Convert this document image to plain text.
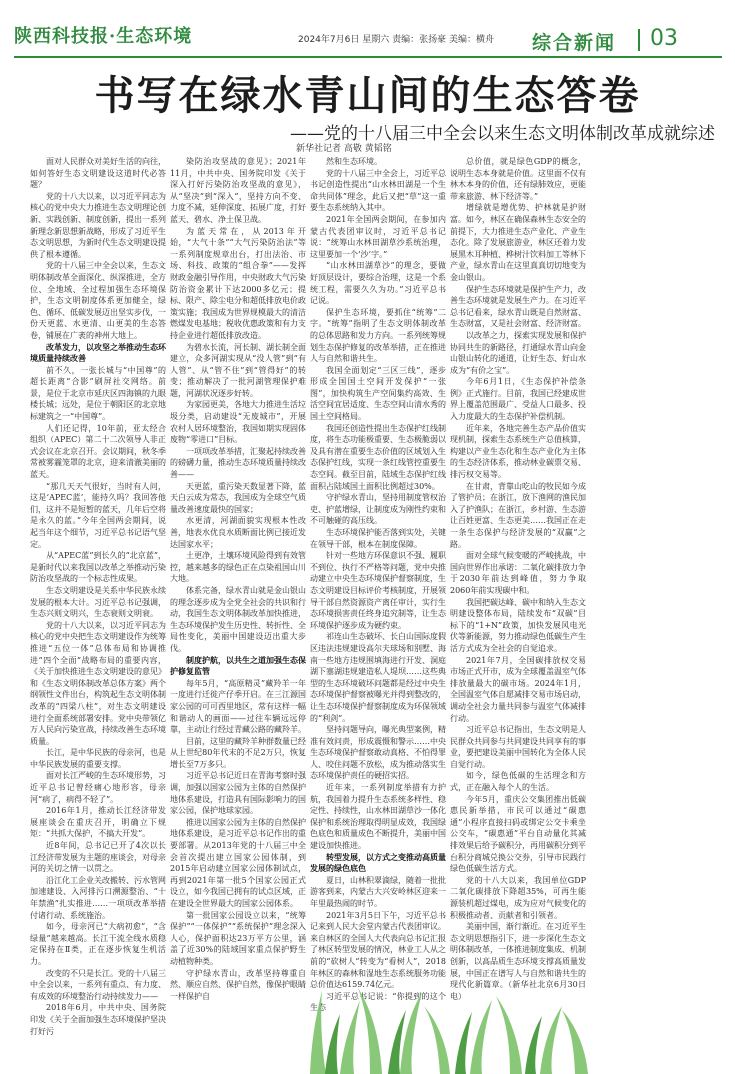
陕西科技报·生态环境	2024年7月6日 星期六 责编：张扬豪 美编：横舟 综合新闻 03
书写在绿水青山间的生态答卷
——党的十八届三中全会以来生态文明体制改革成就综述
新华社记者 高敬 黄韬铭

面对人民群众对美好生活的向往，如何答好生态文明建设这道时代必答题？

党的十八大以来，以习近平同志为核心的党中央大力推进生态文明理论创新、实践创新、制度创新，提出一系列新理念新思想新战略，形成了习近平生态文明思想，为新时代生态文明建设提供了根本遵循。

党的十八届三中全会以来，生态文明体制改革全面深化、纵深推进，全方位、全地域、全过程加强生态环境保护，生态文明制度体系更加健全，绿色、循环、低碳发展迈出坚实步伐，一份天更蓝、水更清、山更美的生态答卷，铺展在广袤的神州大地上。

改革发力，以攻坚之举推动生态环境质量持续改善

前不久，一张长城与“中国尊”的超长距离“合影”刷屏社交网络。前景，是位于北京市延庆区四海镇的九眼楼长城；远处，是位于朝阳区的北京地标建筑之一“中国尊”。

人们还记得，10年前，亚太经合组织（APEC）第二十二次领导人非正式会议在北京召开。会议期间，秋冬季常被雾霾笼罩的北京，迎来清澈美丽的蓝天。

“那几天天气很好，当时有人问，这是‘APEC蓝’，能持久吗？我回答他们，这并不是短暂的蓝天，几年后空将是永久的蓝。”今年全国两会期间，说起当年这个细节，习近平总书记语气坚定。

从“APEC蓝”到长久的“北京蓝”，是新时代以来我国以改革之举推动污染防治攻坚战的一个标志性成果。

生态文明建设是关系中华民族永续发展的根本大计。习近平总书记强调，生态兴则文明兴，生态衰则文明衰。

党的十八大以来，以习近平同志为核心的党中央把生态文明建设作为统筹推进“五位一体”总体布局和协调推进“四个全面”战略布局的重要内容，《关于加快推进生态文明建设的意见》和《生态文明体制改革总体方案》两个纲领性文件出台，构筑起生态文明体制改革的“四梁八柱”，对生态文明建设进行全面系统部署安排。党中央带领亿万人民向污染宣战，持续改善生态环境质量。

长江，是中华民族的母亲河，也是中华民族发展的重要支撑。

面对长江严峻的生态环境形势，习近平总书记曾经痛心地形容，母亲河“病了，病得不轻了”。

2016年1月，推动长江经济带发展座谈会在重庆召开，明确立下规矩：“共抓大保护，不搞大开发”。

近8年间，总书记已开了4次以长江经济带发展为主题的座谈会，对母亲河的关切之情一以贯之。

沿江化工企业关改搬转、污水管网加速建设、入河排污口溯源整治、“十年禁渔”扎实推进……一项项改革举措付诸行动、系统施治。

如今，母亲河已“大病初愈”，“含绿量”越来越高。长江干流全线水质稳定保持在Ⅱ类，正在逐步恢复生机活力。

改变的不只是长江。党的十八届三中全会以来，一系列有重点、有力度、有成效的环境整治行动持续发力——

2018年6月，中共中央、国务院印发《关于全面加强生态环境保护坚决打好污

染防治攻坚战的意见》；2021年11月，中共中央、国务院印发《关于深入打好污染防治攻坚战的意见》，从“坚决”到“深入”，坚持方向不变、力度不减，延伸深度、拓展广度，打好蓝天、碧水、净土保卫战。

为蓝天常在，从2013年开始，“大气十条”“大气污染防治法”等一系列制度规章出台，打出法治、市场、科技、政策的“组合拳”——发挥财政金融引导作用，中央财政大气污染防治资金累计下达2000多亿元；提标、限产、除尘电分和超低排放电价政策实施；我国成为世界规模最大的清洁燃煤发电基地；税收优惠政策和有力支持企业进行超低排放改造。

为碧水长流，河长制、湖长制全面建立，众多河湖实现从“没人管”到“有人管”、从“管不住”到“管得好”的转变；推动解决了一批河湖管理保护难题，河湖状况逐步好转。

为家园更美，各地大力推进生活垃圾分类，启动建设“无废城市”，开展农村人居环境整治，我国如期实现固体废物“零进口”目标。

一项项改革举措，汇聚起持续改善的磅礴力量，推动生态环境质量持续改善——

天更蓝，重污染天数显著下降，蓝天白云成为常态，我国成为全球空气质量改善速度最快的国家；

水更清，河湖面貌实现根本性改善，地表水优良水质断面比例已接近发达国家水平；

土更净，土壤环境风险得到有效管控，越来越多的绿色正在点染祖国山川大地。

体系完备，绿水青山就是金山银山的理念逐步成为全党全社会的共识和行动，我国生态文明体制改革加快推进，生态环境保护发生历史性、转折性、全局性变化，美丽中国建设迈出重大步伐。

制度护航，以共生之道加强生态保护修复监管

每年5月，“高原精灵”藏羚羊一年一度进行迁徙产仔季开启。在三江源国家公园的可可西里地区，常有这样一幅和谐动人的画面——过往车辆远远停靠，主动让行经过青藏公路的藏羚羊。

目前，这里的藏羚羊种群数量已经从上世纪80年代末的不足2万只，恢复增长至7万多只。

习近平总书记近日在青海考察时强调，加强以国家公园为主体的自然保护地体系建设，打造具有国际影响力的国家公园，保护地球家园。

推进以国家公园为主体的自然保护地体系建设，是习近平总书记作出的重要部署。从2013年党的十八届三中全会首次提出建立国家公园体制，到2015年启动建立国家公园体制试点，再到2021年第一批5个国家公园正式设立，如今我国已拥有的试点区域，正在建设全世界最大的国家公园体系。

第一批国家公园设立以来，“统筹保护”“一体保护”“系统保护”理念深入人心，保护面积达23万平方公里，涵盖了近30%的陆域国家重点保护野生动植物种类。

守护绿水青山，改革坚持尊重自然、顺应自然、保护自然，像保护眼睛一样保护自

然和生态环境。

党的十八届三中全会上，习近平总书记创造性提出“山水林田湖是一个生命共同体”理念，此后又把“草”这一重要生态系统纳入其中。

2021年全国两会期间，在参加内蒙古代表团审议时，习近平总书记说：“统筹山水林田湖草沙系统治理，这里要加一个‘沙’字。”

“山水林田湖草沙”的理念，要做好顶层设计，要综合治理，这是一个系统工程，需要久久为功。”习近平总书记说。

保护生态环境，要抓住“统筹”二字。“统筹”指明了生态文明体制改革的总体思路和发力方向。一系列统筹规划生态保护修复的改革举措，正在推进人与自然和谐共生。

我国全面划定“三区三线”，逐步形成全国国土空间开发保护“一张图”，加快构筑生产空间集约高效、生活空间宜居适度、生态空间山清水秀的国土空间格局。

我国还创造性提出生态保护红线制度，将生态功能极重要、生态极脆弱以及具有潜在重要生态价值的区域划入生态保护红线，实现一条红线管控重要生态空间。截至目前，陆域生态保护红线面积占陆域国土面积比例超过30%。

守护绿水青山，坚持用制度管权治吏、护蓝增绿，让制度成为刚性约束和不可触碰的高压线。

生态环境保护能否落到实处，关键在领导干部，根本在制度保障。

针对一些地方环保意识不强、履职不到位、执行不严格等问题，党中央推动建立中央生态环境保护督察制度，生态文明建设目标评价考核制度，开展领导干部自然资源资产离任审计，实行生态环境损害责任终身追究制等，让生态环境保护逐步成为硬约束。

祁连山生态破坏、长白山国际度假区违法违规建设高尔夫球场和别墅、海南一些地方违规围填海进行开发、洞庭湖下塞湖违规建造私人堤坝……这些典型的生态环境破坏问题都是经过中央生态环境保护督察被曝光并得到整改的，让生态环境保护督察制度成为环保领域的“利剑”。

坚持问题导向，曝光典型案例，精准有效问责，形成震慑和警示……中央生态环境保护督察敢动真格、不怕得罪人、咬住问题不放松，成为推动落实生态环境保护责任的硬招实招。

近年来，一系列制度举措有力护航，我国着力提升生态系统多样性、稳定性、持续性，山水林田湖草沙一体化保护和系统治理取得明显成效，我国绿色底色和质量成色不断提升，美丽中国建设加快推进。

转型发展，以方式之变推动高质量发展的绿色底色

夏日，山林积翠滴绿，随着一批批游客到来，内蒙古大兴安岭林区迎来一年里最热闹的时节。

2021年3月5日下午，习近平总书记来到人民大会堂内蒙古代表团审议。来自林区的全国人大代表向总书记汇报了林区转型发展的情况，林业工人从之前的“砍树人”转变为“看树人”，2018年林区的森林和湿地生态系统服务功能总价值达6159.74亿元。

习近平总书记说：“你提到的这个生态

总价值，就是绿色GDP的概念，说明生态本身就是价值。这里面不仅有林木本身的价值，还有绿肺效应，更能带来旅游、林下经济等。”

增绿就是增优势、护林就是护财富。如今，林区在确保森林生态安全的前提下，大力推进生态产业化、产业生态化。除了发展旅游业，林区还着力发展黑木耳种植、桦树汁饮料加工等林下产业，绿水青山在这里真真切切地变为金山银山。

保护生态环境就是保护生产力，改善生态环境就是发展生产力。在习近平总书记看来，绿水青山既是自然财富、生态财富，又是社会财富、经济财富。

以改革之力，探索实现发展和保护协同共生的新路径，打通绿水青山向金山银山转化的通道，让好生态、好山水成为“有价之宝”。

今年6月1日，《生态保护补偿条例》正式施行。目前，我国已经建成世界上覆盖范围最广、受益人口最多、投入力度最大的生态保护补偿机制。

近年来，各地完善生态产品价值实现机制，探索生态系统生产总值核算，构建以产业生态化和生态产业化为主体的生态经济体系，推动林业碳票交易、排污权交易等。

在甘肃，背靠山吃山的牧民如今成了管护员；在浙江，放下渔网的渔民加入了护渔队；在浙江，乡村游、生态游让百姓更富、生态更美……我国正在走一条生态保护与经济发展的“双赢”之路。

面对全球气候变暖的严峻挑战，中国向世界作出承诺：二氧化碳排放力争于2030年前达到峰值，努力争取2060年前实现碳中和。

我国把碳达峰、碳中和纳入生态文明建设整体布局，陆续发布“双碳”目标下的“1+N”政策，加快发展风电光伏等新能源，努力推动绿色低碳生产生活方式成为全社会的自觉追求。

2021年7月，全国碳排放权交易市场正式开市，成为全球覆盖温室气体排放量最大的碳市场。2024年1月，全国温室气体自愿减排交易市场启动，调动全社会力量共同参与温室气体减排行动。

习近平总书记指出，生态文明是人民群众共同参与共同建设共同享有的事业，要把建设美丽中国转化为全体人民自觉行动。

如今，绿色低碳的生活理念和方式，正在融入每个人的生活。

今年5月，重庆公交集团推出低碳惠民新举措，市民可以通过“碳惠通”小程序直接扫码或绑定公交卡乘坐公交车，“碳惠通”平台自动量化其减排效果后给予碳积分，再用碳积分到平台积分商城兑换公交券，引导市民践行绿色低碳生活方式。

党的十八大以来，我国单位GDP二氧化碳排放下降超35%，可再生能源装机超过煤电，成为应对气候变化的积极推动者、贡献者和引领者。

美丽中国，渐行渐近。在习近平生态文明思想指引下，进一步深化生态文明体制改革，一体推进制度集成、机制创新，以高品质生态环境支撑高质量发展，中国正在谱写人与自然和谐共生的现代化新篇章。（新华社北京6月30日电）
